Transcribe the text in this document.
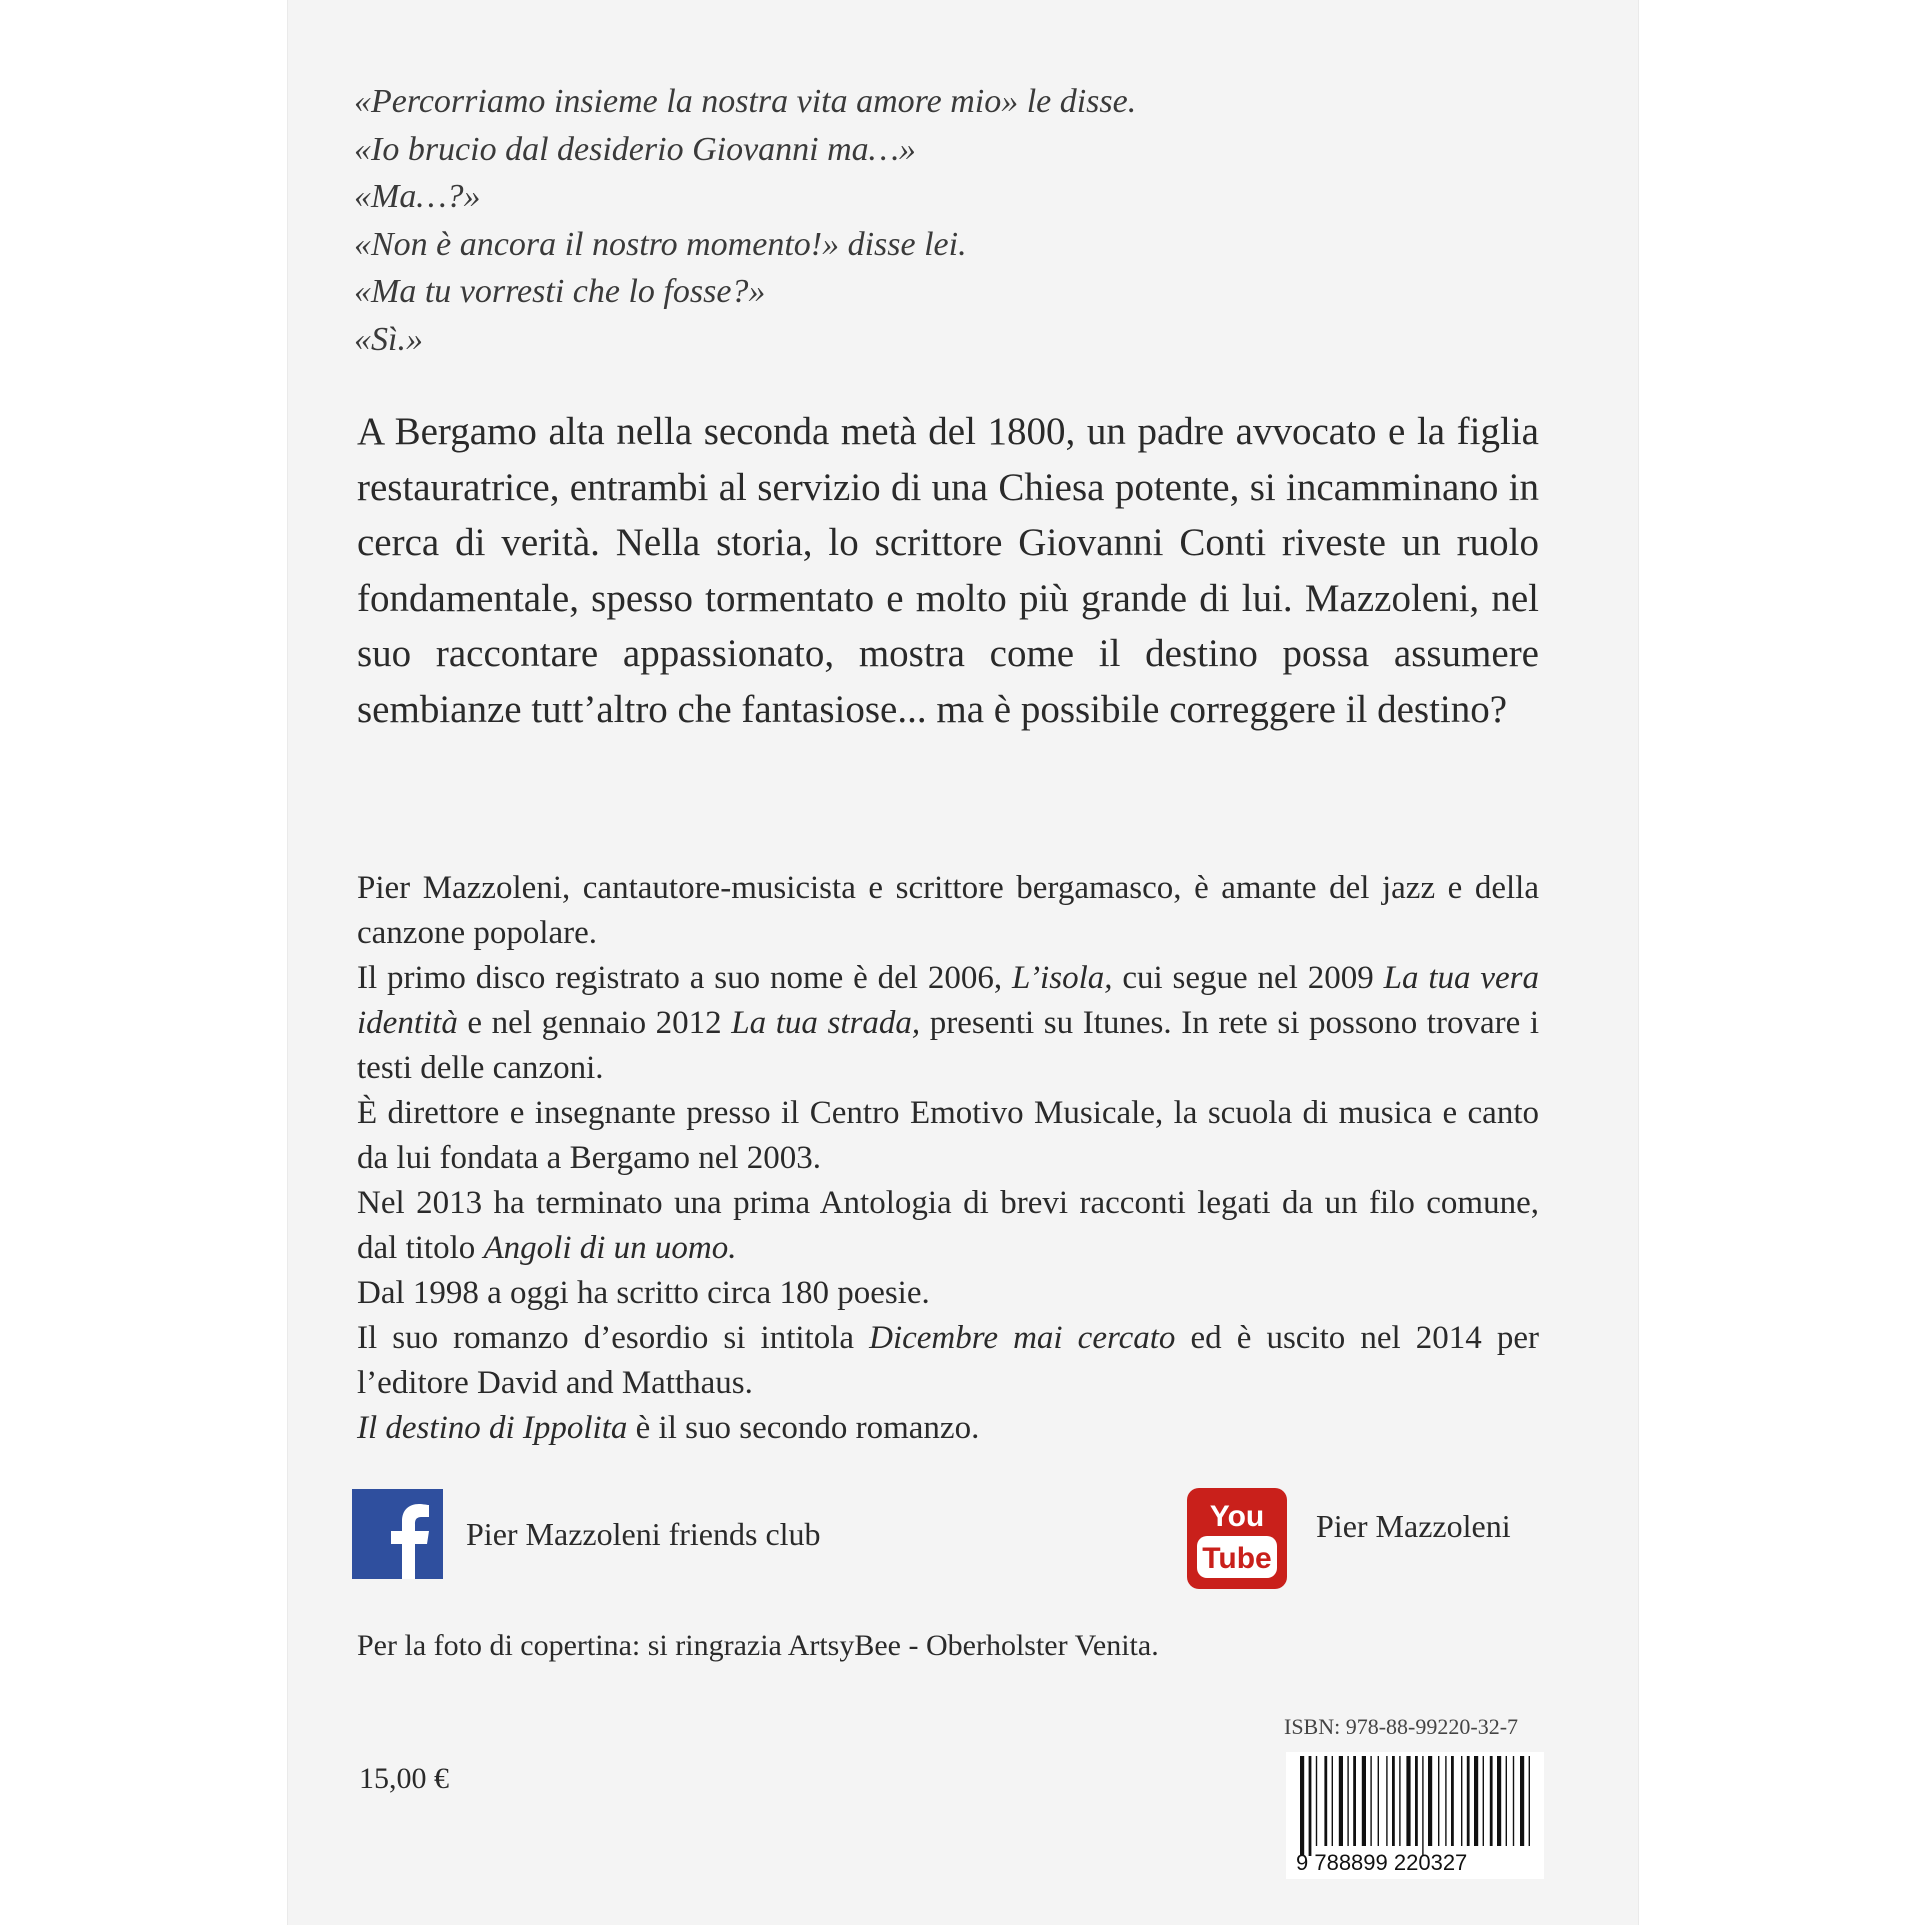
«Percorriamo insieme la nostra vita amore mio» le disse.
«Io brucio dal desiderio Giovanni ma…»
«Ma…?»
«Non è ancora il nostro momento!» disse lei.
«Ma tu vorresti che lo fosse?»
«Sì.»

A Bergamo alta nella seconda metà del 1800, un padre avvocato e la figlia restauratrice, entrambi al servizio di una Chiesa potente, si incamminano in cerca di verità. Nella storia, lo scrittore Giovanni Conti riveste un ruolo fondamentale, spesso tormentato e molto più grande di lui. Mazzoleni, nel suo raccontare appassionato, mostra come il destino possa assumere sembianze tutt’altro che fantasiose... ma è possibile correggere il destino?

Pier Mazzoleni, cantautore-musicista e scrittore bergamasco, è amante del jazz e della canzone popolare.

Il primo disco registrato a suo nome è del 2006, L’isola, cui segue nel 2009 La tua vera identità e nel gennaio 2012 La tua strada, presenti su Itunes. In rete si possono trovare i testi delle canzoni.

È direttore e insegnante presso il Centro Emotivo Musicale, la scuola di musica e canto da lui fondata a Bergamo nel 2003.

Nel 2013 ha terminato una prima Antologia di brevi racconti legati da un filo comune, dal titolo Angoli di un uomo.

Dal 1998 a oggi ha scritto circa 180 poesie.

Il suo romanzo d’esordio si intitola Dicembre mai cercato ed è uscito nel 2014 per l’editore David and Matthaus.

Il destino di Ippolita è il suo secondo romanzo.

Pier Mazzoleni friends club	You
Tube
Pier Mazzoleni
Per la foto di copertina: si ringrazia ArtsyBee - Oberholster Venita.
ISBN: 978-88-99220-32-7
15,00 €
9 788899 220327
